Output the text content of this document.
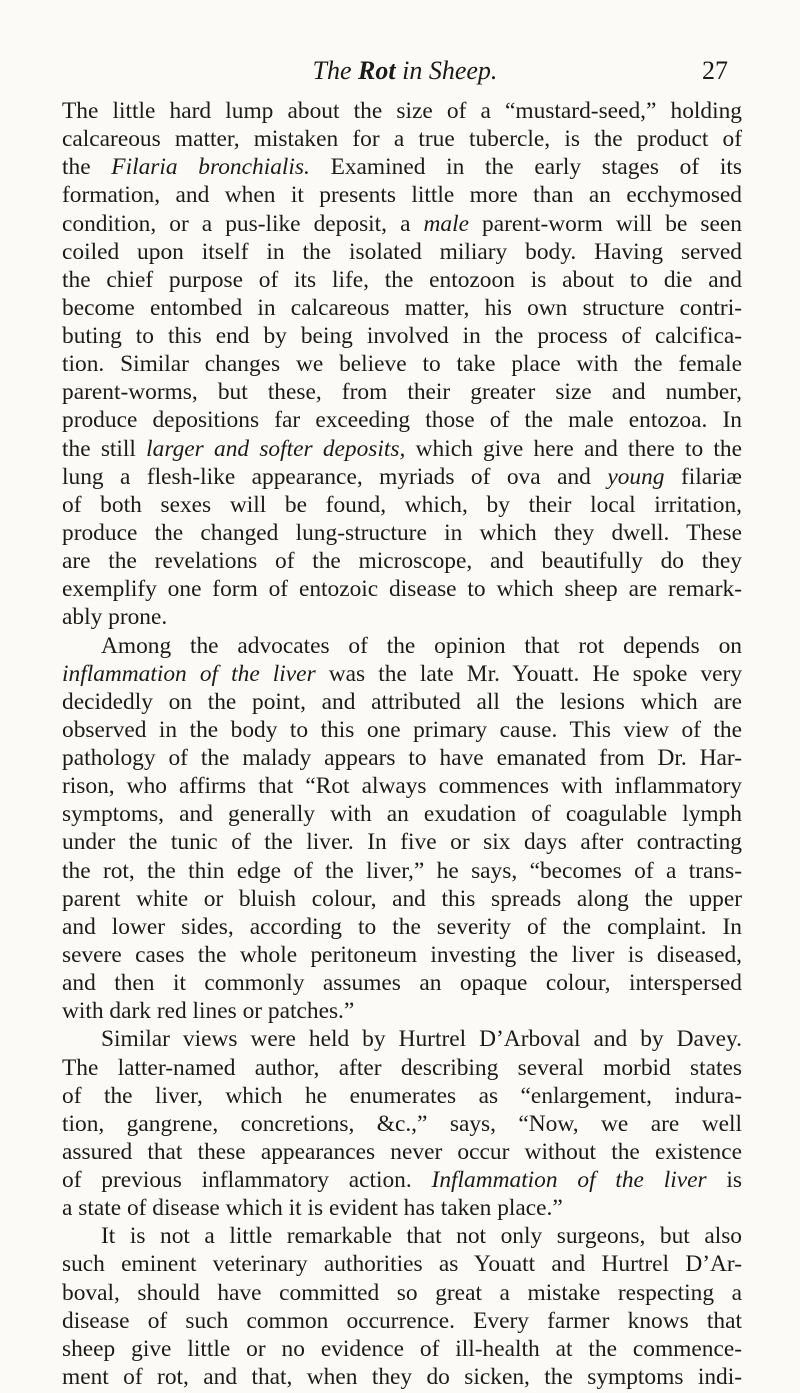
The Rot in Sheep.	27
The little hard lump about the size of a “mustard-seed,” holding
calcareous matter, mistaken for a true tubercle, is the product of
the Filaria bronchialis. Examined in the early stages of its
formation, and when it presents little more than an ecchymosed
condition, or a pus-like deposit, a male parent-worm will be seen
coiled upon itself in the isolated miliary body. Having served
the chief purpose of its life, the entozoon is about to die and
become entombed in calcareous matter, his own structure contri-
buting to this end by being involved in the process of calcifica-
tion. Similar changes we believe to take place with the female
parent-worms, but these, from their greater size and number,
produce depositions far exceeding those of the male entozoa. In
the still larger and softer deposits, which give here and there to the
lung a flesh-like appearance, myriads of ova and young filariæ
of both sexes will be found, which, by their local irritation,
produce the changed lung-structure in which they dwell. These
are the revelations of the microscope, and beautifully do they
exemplify one form of entozoic disease to which sheep are remark-
ably prone.
Among the advocates of the opinion that rot depends on
inflammation of the liver was the late Mr. Youatt. He spoke very
decidedly on the point, and attributed all the lesions which are
observed in the body to this one primary cause. This view of the
pathology of the malady appears to have emanated from Dr. Har-
rison, who affirms that “Rot always commences with inflammatory
symptoms, and generally with an exudation of coagulable lymph
under the tunic of the liver. In five or six days after contracting
the rot, the thin edge of the liver,” he says, “becomes of a trans-
parent white or bluish colour, and this spreads along the upper
and lower sides, according to the severity of the complaint. In
severe cases the whole peritoneum investing the liver is diseased,
and then it commonly assumes an opaque colour, interspersed
with dark red lines or patches.”
Similar views were held by Hurtrel D’Arboval and by Davey.
The latter-named author, after describing several morbid states
of the liver, which he enumerates as “enlargement, indura-
tion, gangrene, concretions, &c.,” says, “Now, we are well
assured that these appearances never occur without the existence
of previous inflammatory action. Inflammation of the liver is
a state of disease which it is evident has taken place.”
It is not a little remarkable that not only surgeons, but also
such eminent veterinary authorities as Youatt and Hurtrel D’Ar-
boval, should have committed so great a mistake respecting a
disease of such common occurrence. Every farmer knows that
sheep give little or no evidence of ill-health at the commence-
ment of rot, and that, when they do sicken, the symptoms indi-
